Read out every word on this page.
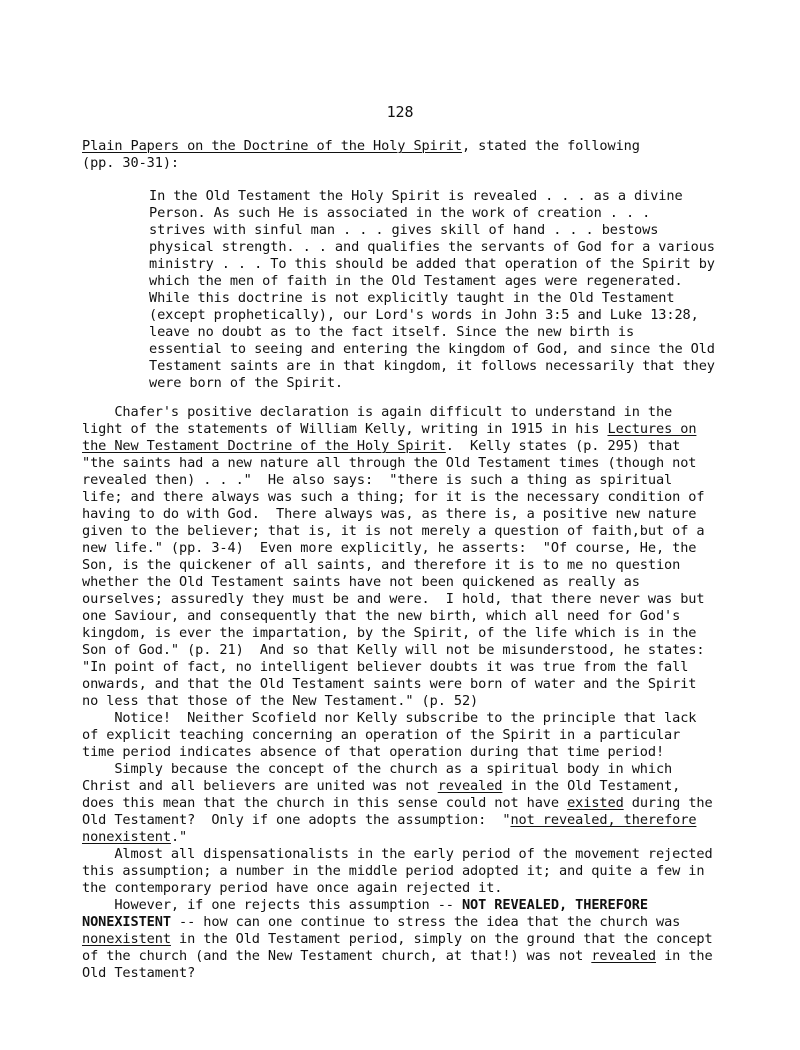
128
Plain Papers on the Doctrine of the Holy Spirit, stated the following
(pp. 30-31):
In the Old Testament the Holy Spirit is revealed . . . as a divine
Person. As such He is associated in the work of creation . . .
strives with sinful man . . . gives skill of hand . . . bestows
physical strength. . . and qualifies the servants of God for a various
ministry . . . To this should be added that operation of the Spirit by
which the men of faith in the Old Testament ages were regenerated.
While this doctrine is not explicitly taught in the Old Testament
(except prophetically), our Lord's words in John 3:5 and Luke 13:28,
leave no doubt as to the fact itself. Since the new birth is
essential to seeing and entering the kingdom of God, and since the Old
Testament saints are in that kingdom, it follows necessarily that they
were born of the Spirit.
Chafer's positive declaration is again difficult to understand in the
light of the statements of William Kelly, writing in 1915 in his Lectures on
the New Testament Doctrine of the Holy Spirit.  Kelly states (p. 295) that
"the saints had a new nature all through the Old Testament times (though not
revealed then) . . ."  He also says:  "there is such a thing as spiritual
life; and there always was such a thing; for it is the necessary condition of
having to do with God.  There always was, as there is, a positive new nature
given to the believer; that is, it is not merely a question of faith,but of a
new life." (pp. 3-4)  Even more explicitly, he asserts:  "Of course, He, the
Son, is the quickener of all saints, and therefore it is to me no question
whether the Old Testament saints have not been quickened as really as
ourselves; assuredly they must be and were.  I hold, that there never was but
one Saviour, and consequently that the new birth, which all need for God's
kingdom, is ever the impartation, by the Spirit, of the life which is in the
Son of God." (p. 21)  And so that Kelly will not be misunderstood, he states:
"In point of fact, no intelligent believer doubts it was true from the fall
onwards, and that the Old Testament saints were born of water and the Spirit
no less that those of the New Testament." (p. 52)
Notice!  Neither Scofield nor Kelly subscribe to the principle that lack
of explicit teaching concerning an operation of the Spirit in a particular
time period indicates absence of that operation during that time period!
Simply because the concept of the church as a spiritual body in which
Christ and all believers are united was not revealed in the Old Testament,
does this mean that the church in this sense could not have existed during the
Old Testament?  Only if one adopts the assumption:  "not revealed, therefore
nonexistent."
Almost all dispensationalists in the early period of the movement rejected
this assumption; a number in the middle period adopted it; and quite a few in
the contemporary period have once again rejected it.
However, if one rejects this assumption -- NOT REVEALED, THEREFORE
NONEXISTENT -- how can one continue to stress the idea that the church was
nonexistent in the Old Testament period, simply on the ground that the concept
of the church (and the New Testament church, at that!) was not revealed in the
Old Testament?
